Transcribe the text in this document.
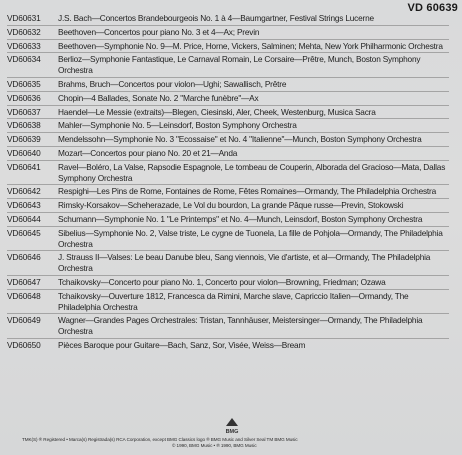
VD 60639
VD60631	J.S. Bach—Concertos Brandebourgeois No. 1 à 4—Baumgartner, Festival Strings Lucerne
VD60632	Beethoven—Concertos pour piano No. 3 et 4—Ax; Previn
VD60633	Beethoven—Symphonie No. 9—M. Price, Horne, Vickers, Salminen; Mehta, New York Philharmonic Orchestra
VD60634	Berlioz—Symphonie Fantastique, Le Carnaval Romain, Le Corsaire—Prêtre, Munch, Boston Symphony Orchestra
VD60635	Brahms, Bruch—Concertos pour violon—Ughi; Sawallisch, Prêtre
VD60636	Chopin—4 Ballades, Sonate No. 2 "Marche funèbre"—Ax
VD60637	Haendel—Le Messie (extraits)—Blegen, Ciesinski, Aler, Cheek, Westenburg, Musica Sacra
VD60638	Mahler—Symphonie No. 5—Leinsdorf, Boston Symphony Orchestra
VD60639	Mendelssohn—Symphonie No. 3 "Ecossaise" et No. 4 "Italienne"—Munch, Boston Symphony Orchestra
VD60640	Mozart—Concertos pour piano No. 20 et 21—Anda
VD60641	Ravel—Boléro, La Valse, Rapsodie Espagnole, Le tombeau de Couperin, Alborada del Gracioso—Mata, Dallas Symphony Orchestra
VD60642	Respighi—Les Pins de Rome, Fontaines de Rome, Fêtes Romaines—Ormandy, The Philadelphia Orchestra
VD60643	Rimsky-Korsakov—Scheherazade, Le Vol du bourdon, La grande Pâque russe—Previn, Stokowski
VD60644	Schumann—Symphonie No. 1 "Le Printemps" et No. 4—Munch, Leinsdorf, Boston Symphony Orchestra
VD60645	Sibelius—Symphonie No. 2, Valse triste, Le cygne de Tuonela, La fille de Pohjola—Ormandy, The Philadelphia Orchestra
VD60646	J. Strauss II—Valses: Le beau Danube bleu, Sang viennois, Vie d'artiste, et al—Ormandy, The Philadelphia Orchestra
VD60647	Tchaikovsky—Concerto pour piano No. 1, Concerto pour violon—Browning, Friedman; Ozawa
VD60648	Tchaikovsky—Ouverture 1812, Francesca da Rimini, Marche slave, Capriccio Italien—Ormandy, The Philadelphia Orchestra
VD60649	Wagner—Grandes Pages Orchestrales: Tristan, Tannhäuser, Meistersinger—Ormandy, The Philadelphia Orchestra
VD60650	Pièces Baroque pour Guitare—Bach, Sanz, Sor, Visée, Weiss—Bream
BMG
TMK(S) ® Registered • Marca(s) Registrada(s) RCA Corporation, except BMG Classics logo ® BMG Music and Silver Seal TM BMG Music
© 1990, BMG Music • ℗ 1990, BMG Music
